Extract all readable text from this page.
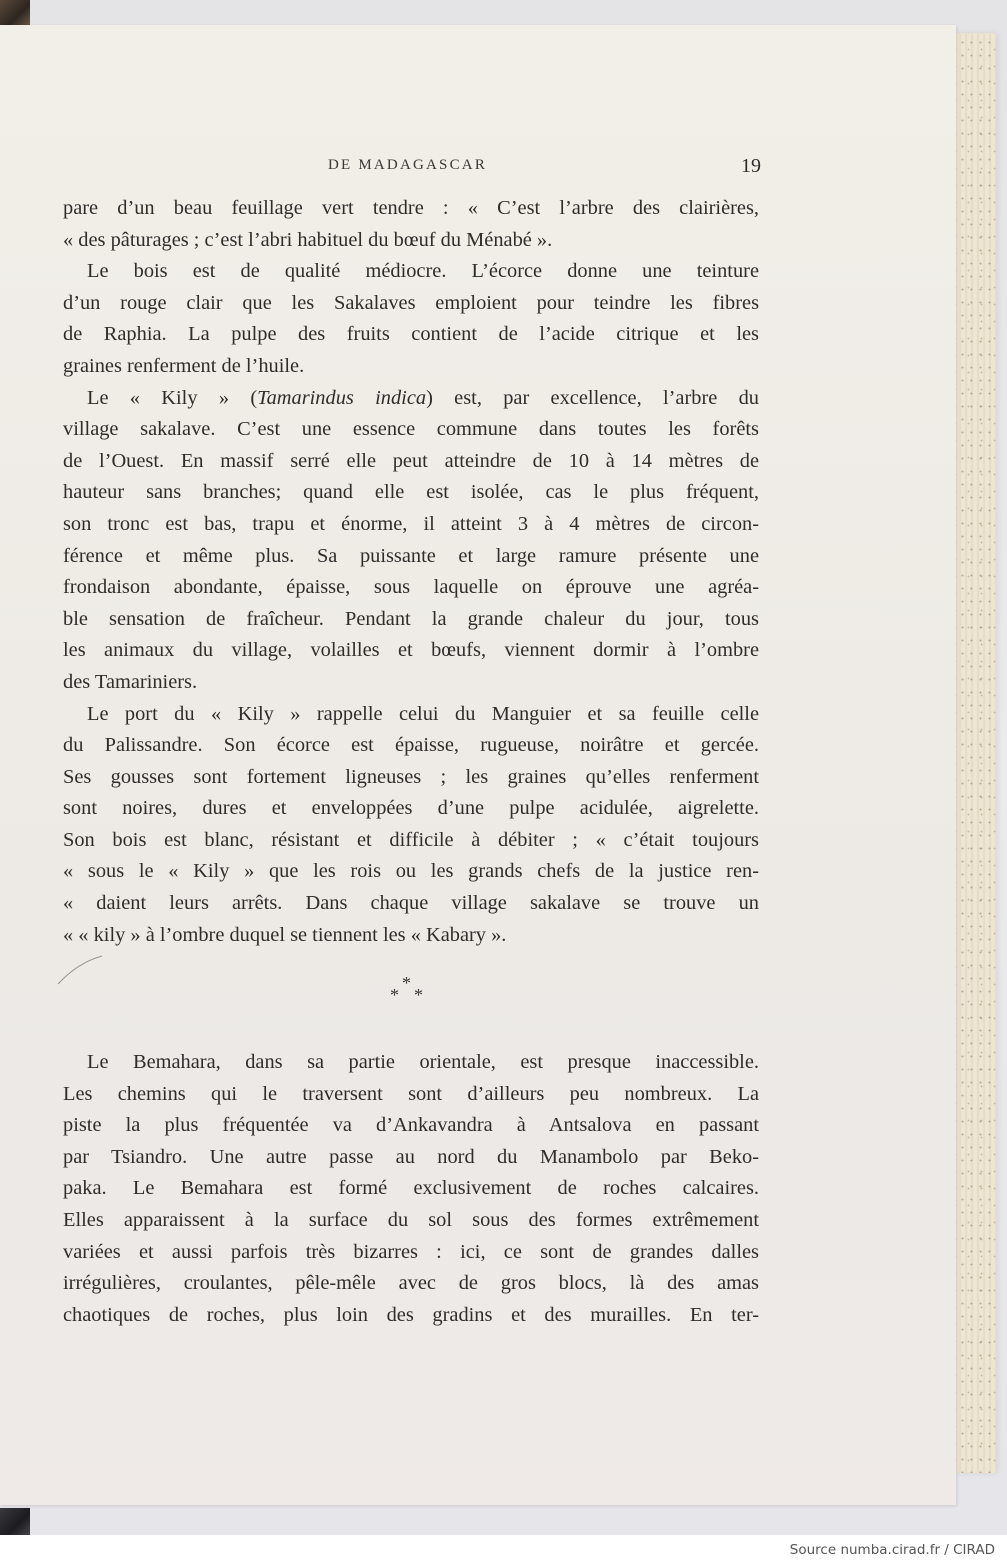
DE MADAGASCAR	19

pare d’un beau feuillage vert tendre : « C’est l’arbre des clairières,
« des pâturages ; c’est l’abri habituel du bœuf du Ménabé ».

Le bois est de qualité médiocre. L’écorce donne une teinture
d’un rouge clair que les Sakalaves emploient pour teindre les fibres
de Raphia. La pulpe des fruits contient de l’acide citrique et les
graines renferment de l’huile.

Le « Kily » (Tamarindus indica) est, par excellence, l’arbre du
village sakalave. C’est une essence commune dans toutes les forêts
de l’Ouest. En massif serré elle peut atteindre de 10 à 14 mètres de
hauteur sans branches; quand elle est isolée, cas le plus fréquent,
son tronc est bas, trapu et énorme, il atteint 3 à 4 mètres de circon-
férence et même plus. Sa puissante et large ramure présente une
frondaison abondante, épaisse, sous laquelle on éprouve une agréa-
ble sensation de fraîcheur. Pendant la grande chaleur du jour, tous
les animaux du village, volailles et bœufs, viennent dormir à l’ombre
des Tamariniers.

Le port du « Kily » rappelle celui du Manguier et sa feuille celle
du Palissandre. Son écorce est épaisse, rugueuse, noirâtre et gercée.
Ses gousses sont fortement ligneuses ; les graines qu’elles renferment
sont noires, dures et enveloppées d’une pulpe acidulée, aigrelette.
Son bois est blanc, résistant et difficile à débiter ; « c’était toujours
« sous le « Kily » que les rois ou les grands chefs de la justice ren-
« daient leurs arrêts. Dans chaque village sakalave se trouve un
« « kily » à l’ombre duquel se tiennent les « Kabary ».

*
* *

Le Bemahara, dans sa partie orientale, est presque inaccessible.
Les chemins qui le traversent sont d’ailleurs peu nombreux. La
piste la plus fréquentée va d’Ankavandra à Antsalova en passant
par Tsiandro. Une autre passe au nord du Manambolo par Beko-
paka. Le Bemahara est formé exclusivement de roches calcaires.
Elles apparaissent à la surface du sol sous des formes extrêmement
variées et aussi parfois très bizarres : ici, ce sont de grandes dalles
irrégulières, croulantes, pêle-mêle avec de gros blocs, là des amas
chaotiques de roches, plus loin des gradins et des murailles. En ter-

Source numba.cirad.fr / CIRAD
